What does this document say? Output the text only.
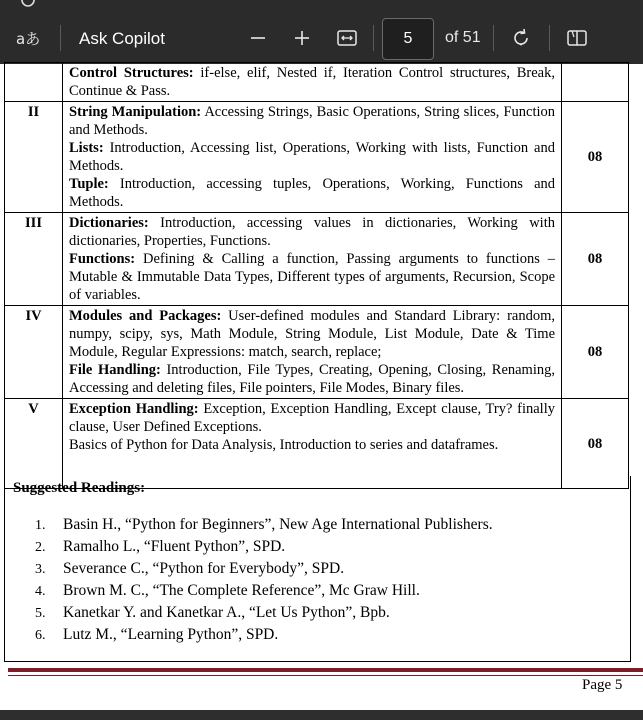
aあ Ask Copilot	5	of 51

	Control Structures: if-else, elif, Nested if, Iteration Control structures, Break, Continue & Pass.	

II	String Manipulation: Accessing Strings, Basic Operations, String slices, Function and Methods.

Lists: Introduction, Accessing list, Operations, Working with lists, Function and Methods.

Tuple: Introduction, accessing tuples, Operations, Working, Functions and Methods.	08
III	Dictionaries: Introduction, accessing values in dictionaries, Working with dictionaries, Properties, Functions.

Functions: Defining & Calling a function, Passing arguments to functions – Mutable & Immutable Data Types, Different types of arguments, Recursion, Scope of variables.	08
IV	Modules and Packages: User-defined modules and Standard Library: random, numpy, scipy, sys, Math Module, String Module, List Module, Date & Time Module, Regular Expressions: match, search, replace;

File Handling: Introduction, File Types, Creating, Opening, Closing, Renaming, Accessing and deleting files, File pointers, File Modes, Binary files.	08
V	Exception Handling: Exception, Exception Handling, Except clause, Try? finally clause, User Defined Exceptions.

Basics of Python for Data Analysis, Introduction to series and dataframes.	08
Suggested Readings:
1. Basin H., “Python for Beginners”, New Age International Publishers.
2. Ramalho L., “Fluent Python”, SPD.
3. Severance C., “Python for Everybody”, SPD.
4. Brown M. C., “The Complete Reference”, Mc Graw Hill.
5. Kanetkar Y. and Kanetkar A., “Let Us Python”, Bpb.
6. Lutz M., “Learning Python”, SPD.
Page 5
